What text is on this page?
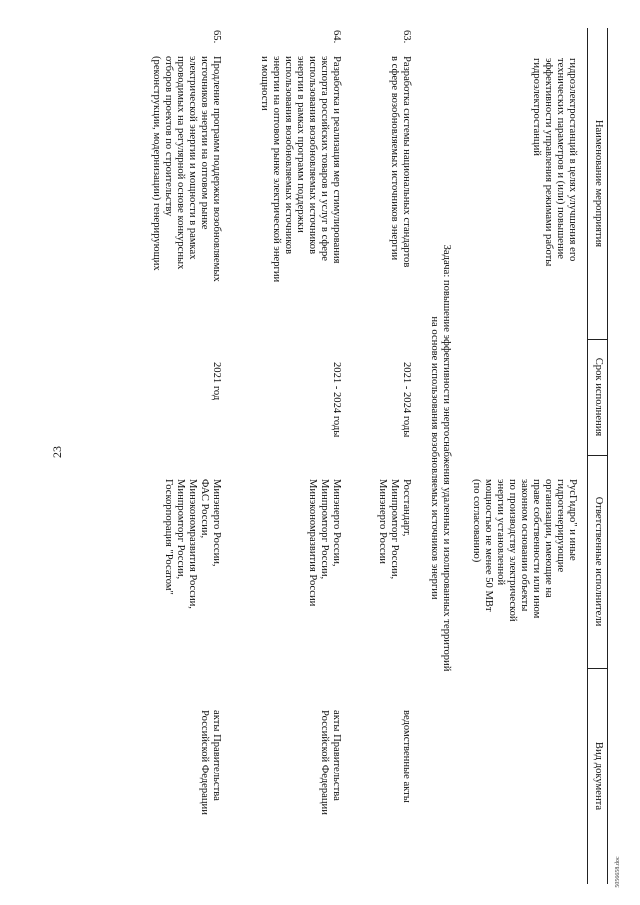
23
5056658.doc
Наименование мероприятия
Срок исполнения
Ответственные исполнители
Вид документа
гидроэлектростанций в целях улучшения его
технических параметров и (или) повышение
эффективности управления режимами работы
гидроэлектростанций
РусГидро" и иные
гидрогенерирующие
организации, имеющие на
праве собственности или ином
законном основании объекты
по производству электрической
энергии установленной
мощностью не менее 50 МВт
(по согласованию)
Задача: повышение эффективности энергоснабжения удаленных и изолированных территорий
на основе использования возобновляемых источников энергии
63.
Разработка системы национальных стандартов
в сфере возобновляемых источников энергии
2021 - 2024 годы
Росстандарт,
Минпромторг России,
Минэнерго России
ведомственные акты
64.
Разработка и реализация мер стимулирования
экспорта российских товаров и услуг в сфере
использования возобновляемых источников
энергии в рамках программ поддержки
использования возобновляемых источников
энергии на оптовом рынке электрической энергии
и мощности
2021 - 2024 годы
Минэнерго России,
Минпромторг России,
Минэкономразвития России
акты Правительства
Российской Федерации
65.
Продление программ поддержки возобновляемых
источников энергии на оптовом рынке
электрической энергии и мощности в рамках
проводимых на регулярной основе конкурсных
отборов проектов по строительству
(реконструкции, модернизации) генерирующих
2021 год
Минэнерго России,
ФАС России,
Минэкономразвития России,
Минпромторг России,
Госкорпорация "Росатом"
акты Правительства
Российской Федерации
